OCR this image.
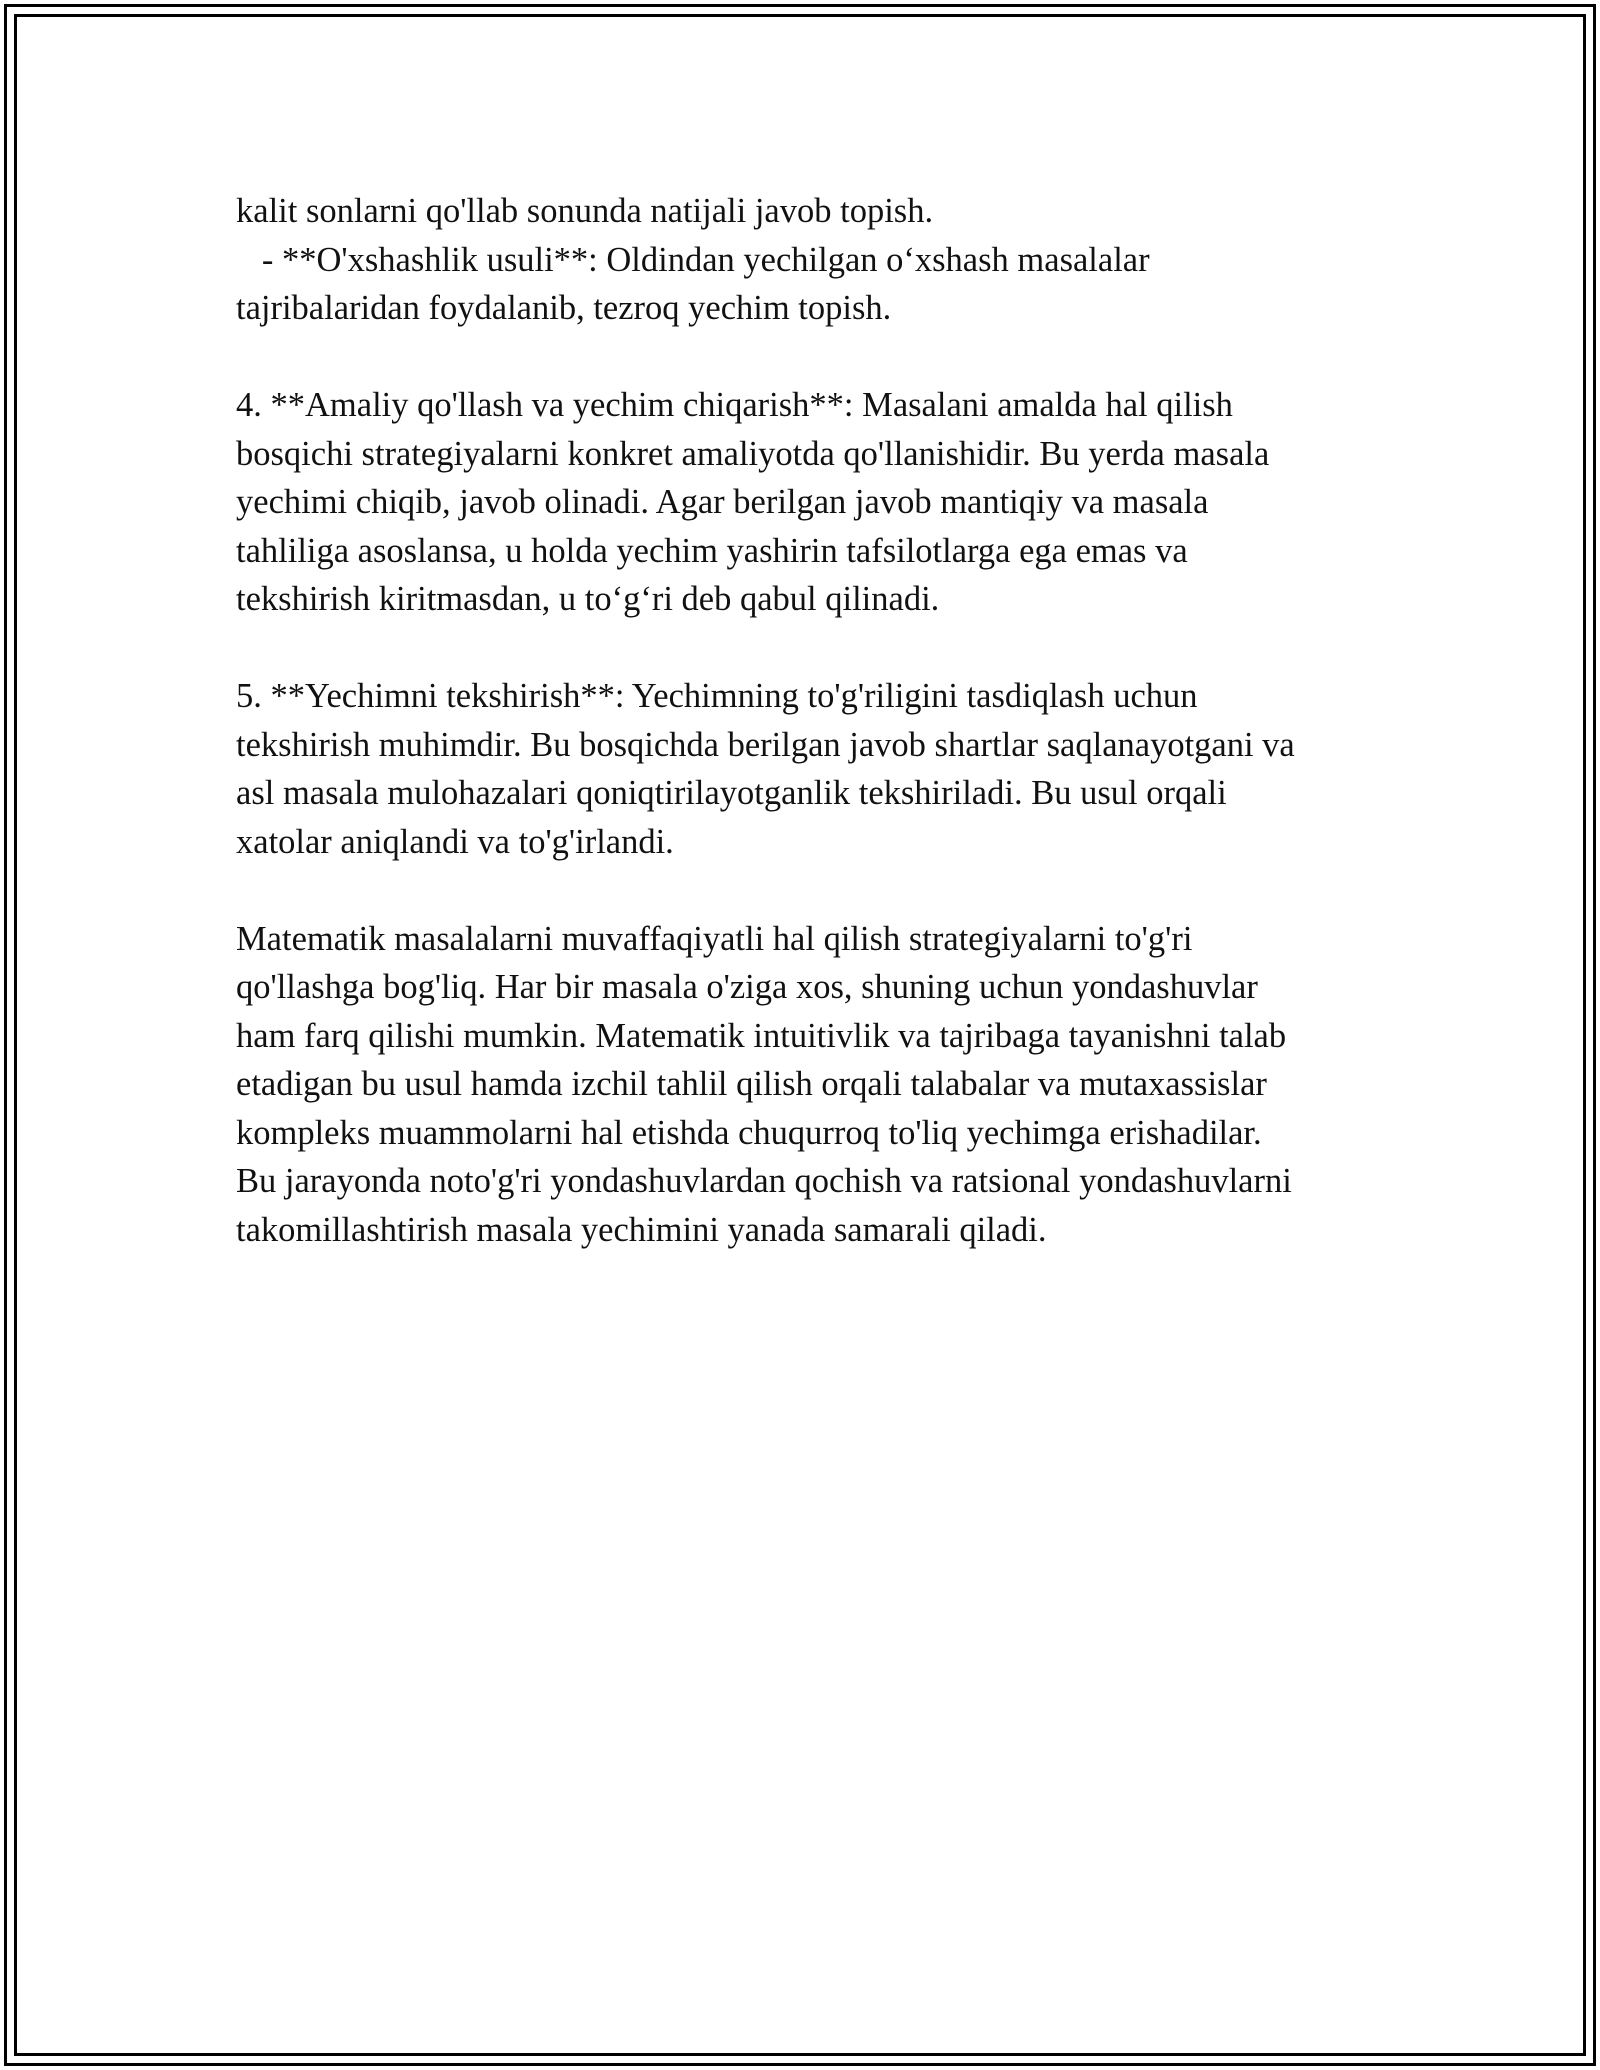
kalit sonlarni qo'llab sonunda natijali javob topish.
- **O'xshashlik usuli**: Oldindan yechilgan o‘xshash masalalar
tajribalaridan foydalanib, tezroq yechim topish.
4. **Amaliy qo'llash va yechim chiqarish**: Masalani amalda hal qilish
bosqichi strategiyalarni konkret amaliyotda qo'llanishidir. Bu yerda masala
yechimi chiqib, javob olinadi. Agar berilgan javob mantiqiy va masala
tahliliga asoslansa, u holda yechim yashirin tafsilotlarga ega emas va
tekshirish kiritmasdan, u to‘g‘ri deb qabul qilinadi.
5. **Yechimni tekshirish**: Yechimning to'g'riligini tasdiqlash uchun
tekshirish muhimdir. Bu bosqichda berilgan javob shartlar saqlanayotgani va
asl masala mulohazalari qoniqtirilayotganlik tekshiriladi. Bu usul orqali
xatolar aniqlandi va to'g'irlandi.
Matematik masalalarni muvaffaqiyatli hal qilish strategiyalarni to'g'ri
qo'llashga bog'liq. Har bir masala o'ziga xos, shuning uchun yondashuvlar
ham farq qilishi mumkin. Matematik intuitivlik va tajribaga tayanishni talab
etadigan bu usul hamda izchil tahlil qilish orqali talabalar va mutaxassislar
kompleks muammolarni hal etishda chuqurroq to'liq yechimga erishadilar.
Bu jarayonda noto'g'ri yondashuvlardan qochish va ratsional yondashuvlarni
takomillashtirish masala yechimini yanada samarali qiladi.
